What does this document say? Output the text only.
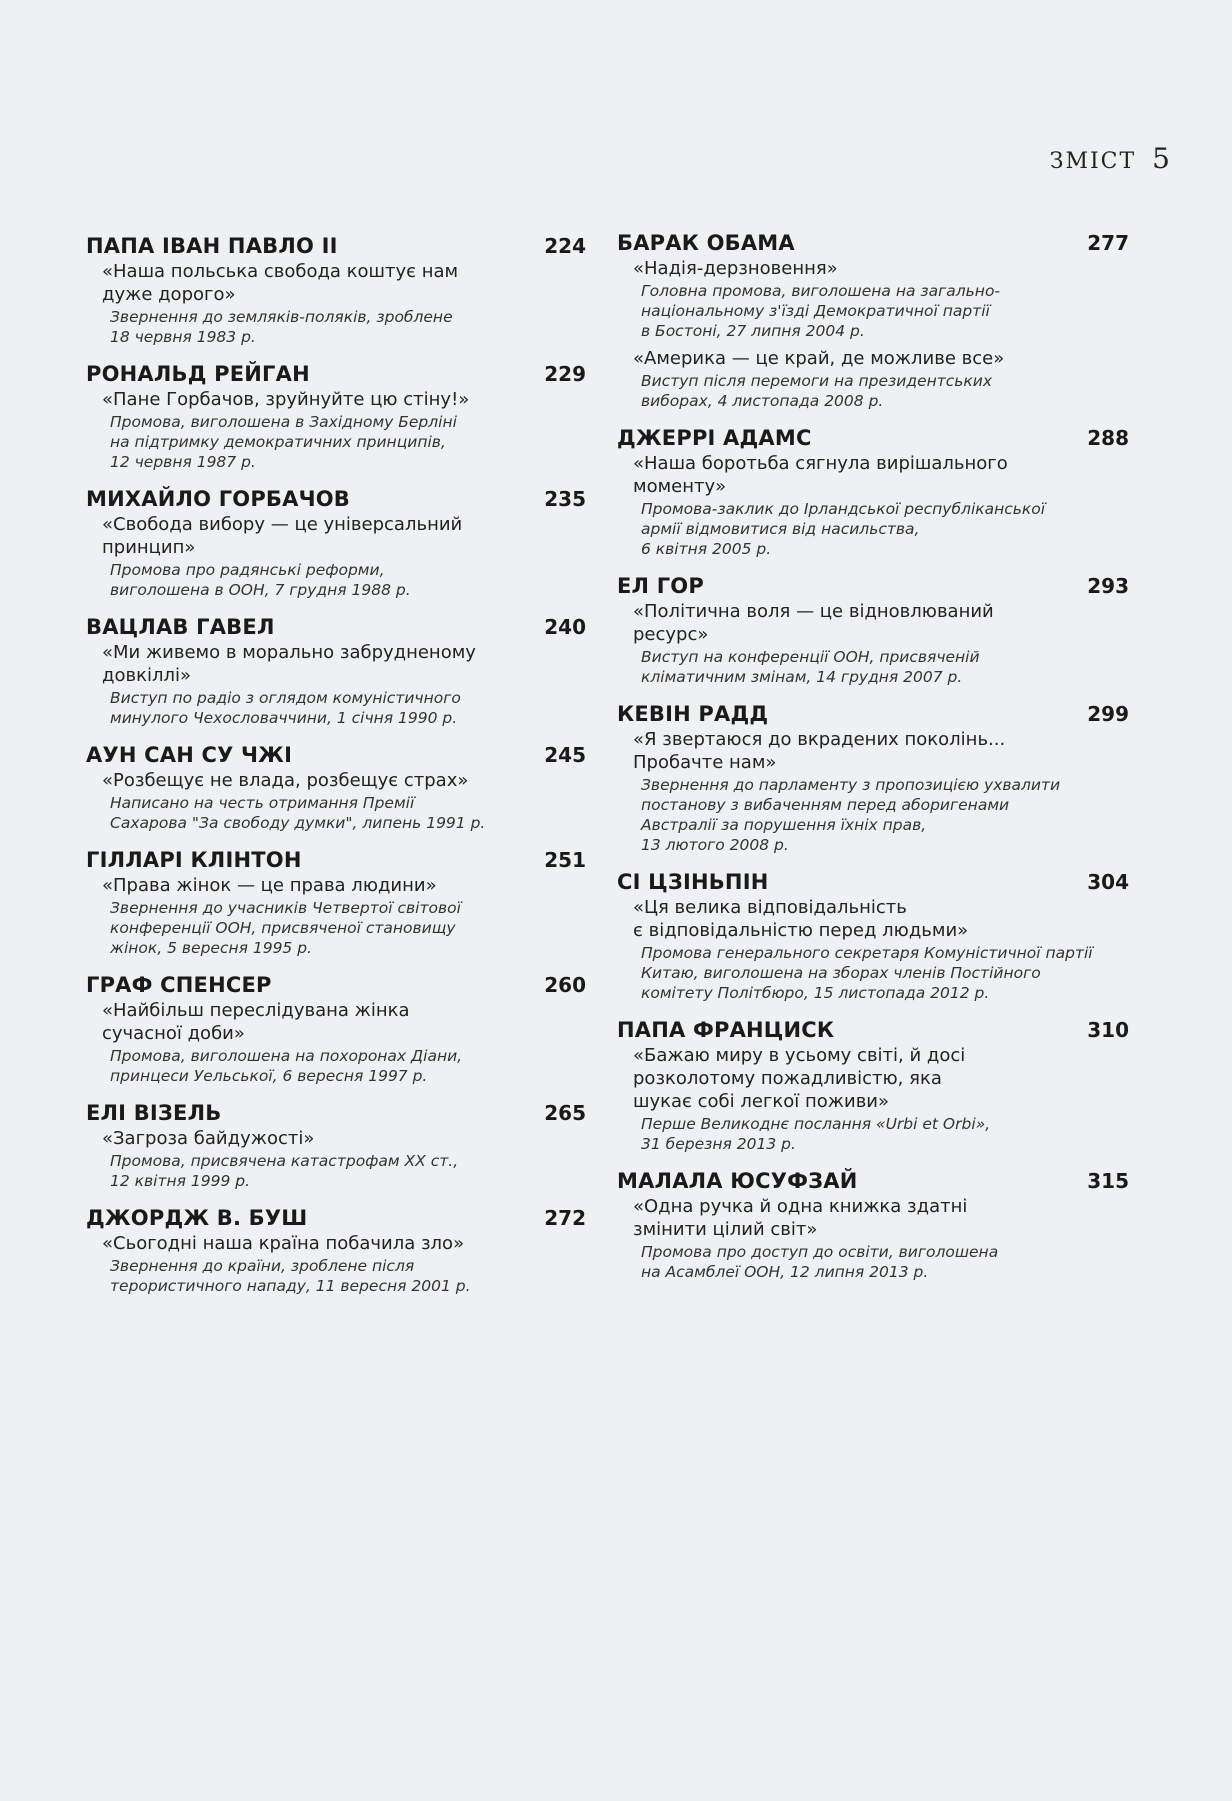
ЗМІСТ 5
ПАПА ІВАН ПАВЛО ІІ	224
«Наша польська свобода коштує нам
дуже дорого»
Звернення до земляків-поляків, зроблене
18 червня 1983 р.
РОНАЛЬД РЕЙГАН	229
«Пане Горбачов, зруйнуйте цю стіну!»
Промова, виголошена в Західному Берліні
на підтримку демократичних принципів,
12 червня 1987 р.
МИХАЙЛО ГОРБАЧОВ	235
«Свобода вибору — це універсальний
принцип»
Промова про радянські реформи,
виголошена в ООН, 7 грудня 1988 р.
ВАЦЛАВ ГАВЕЛ	240
«Ми живемо в морально забрудненому
довкіллі»
Виступ по радіо з оглядом комуністичного
минулого Чехословаччини, 1 січня 1990 р.
АУН САН СУ ЧЖІ	245
«Розбещує не влада, розбещує страх»
Написано на честь отримання Премії
Сахарова "За свободу думки", липень 1991 р.
ГІЛЛАРІ КЛІНТОН	251
«Права жінок — це права людини»
Звернення до учасників Четвертої світової
конференції ООН, присвяченої становищу
жінок, 5 вересня 1995 р.
ГРАФ СПЕНСЕР	260
«Найбільш переслідувана жінка
сучасної доби»
Промова, виголошена на похоронах Діани,
принцеси Уельської, 6 вересня 1997 р.
ЕЛІ ВІЗЕЛЬ	265
«Загроза байдужості»
Промова, присвячена катастрофам XX ст.,
12 квітня 1999 р.
ДЖОРДЖ В. БУШ	272
«Сьогодні наша країна побачила зло»
Звернення до країни, зроблене після
терористичного нападу, 11 вересня 2001 р.
БАРАК ОБАМА	277
«Надія-дерзновення»
Головна промова, виголошена на загально-
національному з'їзді Демократичної партії
в Бостоні, 27 липня 2004 р.
«Америка — це край, де можливе все»
Виступ після перемоги на президентських
виборах, 4 листопада 2008 р.
ДЖЕРРІ АДАМС	288
«Наша боротьба сягнула вирішального
моменту»
Промова-заклик до Ірландської республіканської
армії відмовитися від насильства,
6 квітня 2005 р.
ЕЛ ГОР	293
«Політична воля — це відновлюваний
ресурс»
Виступ на конференції ООН, присвяченій
кліматичним змінам, 14 грудня 2007 р.
КЕВІН РАДД	299
«Я звертаюся до вкрадених поколінь...
Пробачте нам»
Звернення до парламенту з пропозицією ухвалити
постанову з вибаченням перед аборигенами
Австралії за порушення їхніх прав,
13 лютого 2008 р.
СІ ЦЗІНЬПІН	304
«Ця велика відповідальність
є відповідальністю перед людьми»
Промова генерального секретаря Комуністичної партії
Китаю, виголошена на зборах членів Постійного
комітету Політбюро, 15 листопада 2012 р.
ПАПА ФРАНЦИСК	310
«Бажаю миру в усьому світі, й досі
розколотому пожадливістю, яка
шукає собі легкої поживи»
Перше Великоднє послання «Urbi et Orbi»,
31 березня 2013 р.
МАЛАЛА ЮСУФЗАЙ	315
«Одна ручка й одна книжка здатні
змінити цілий світ»
Промова про доступ до освіти, виголошена
на Асамблеї ООН, 12 липня 2013 р.
